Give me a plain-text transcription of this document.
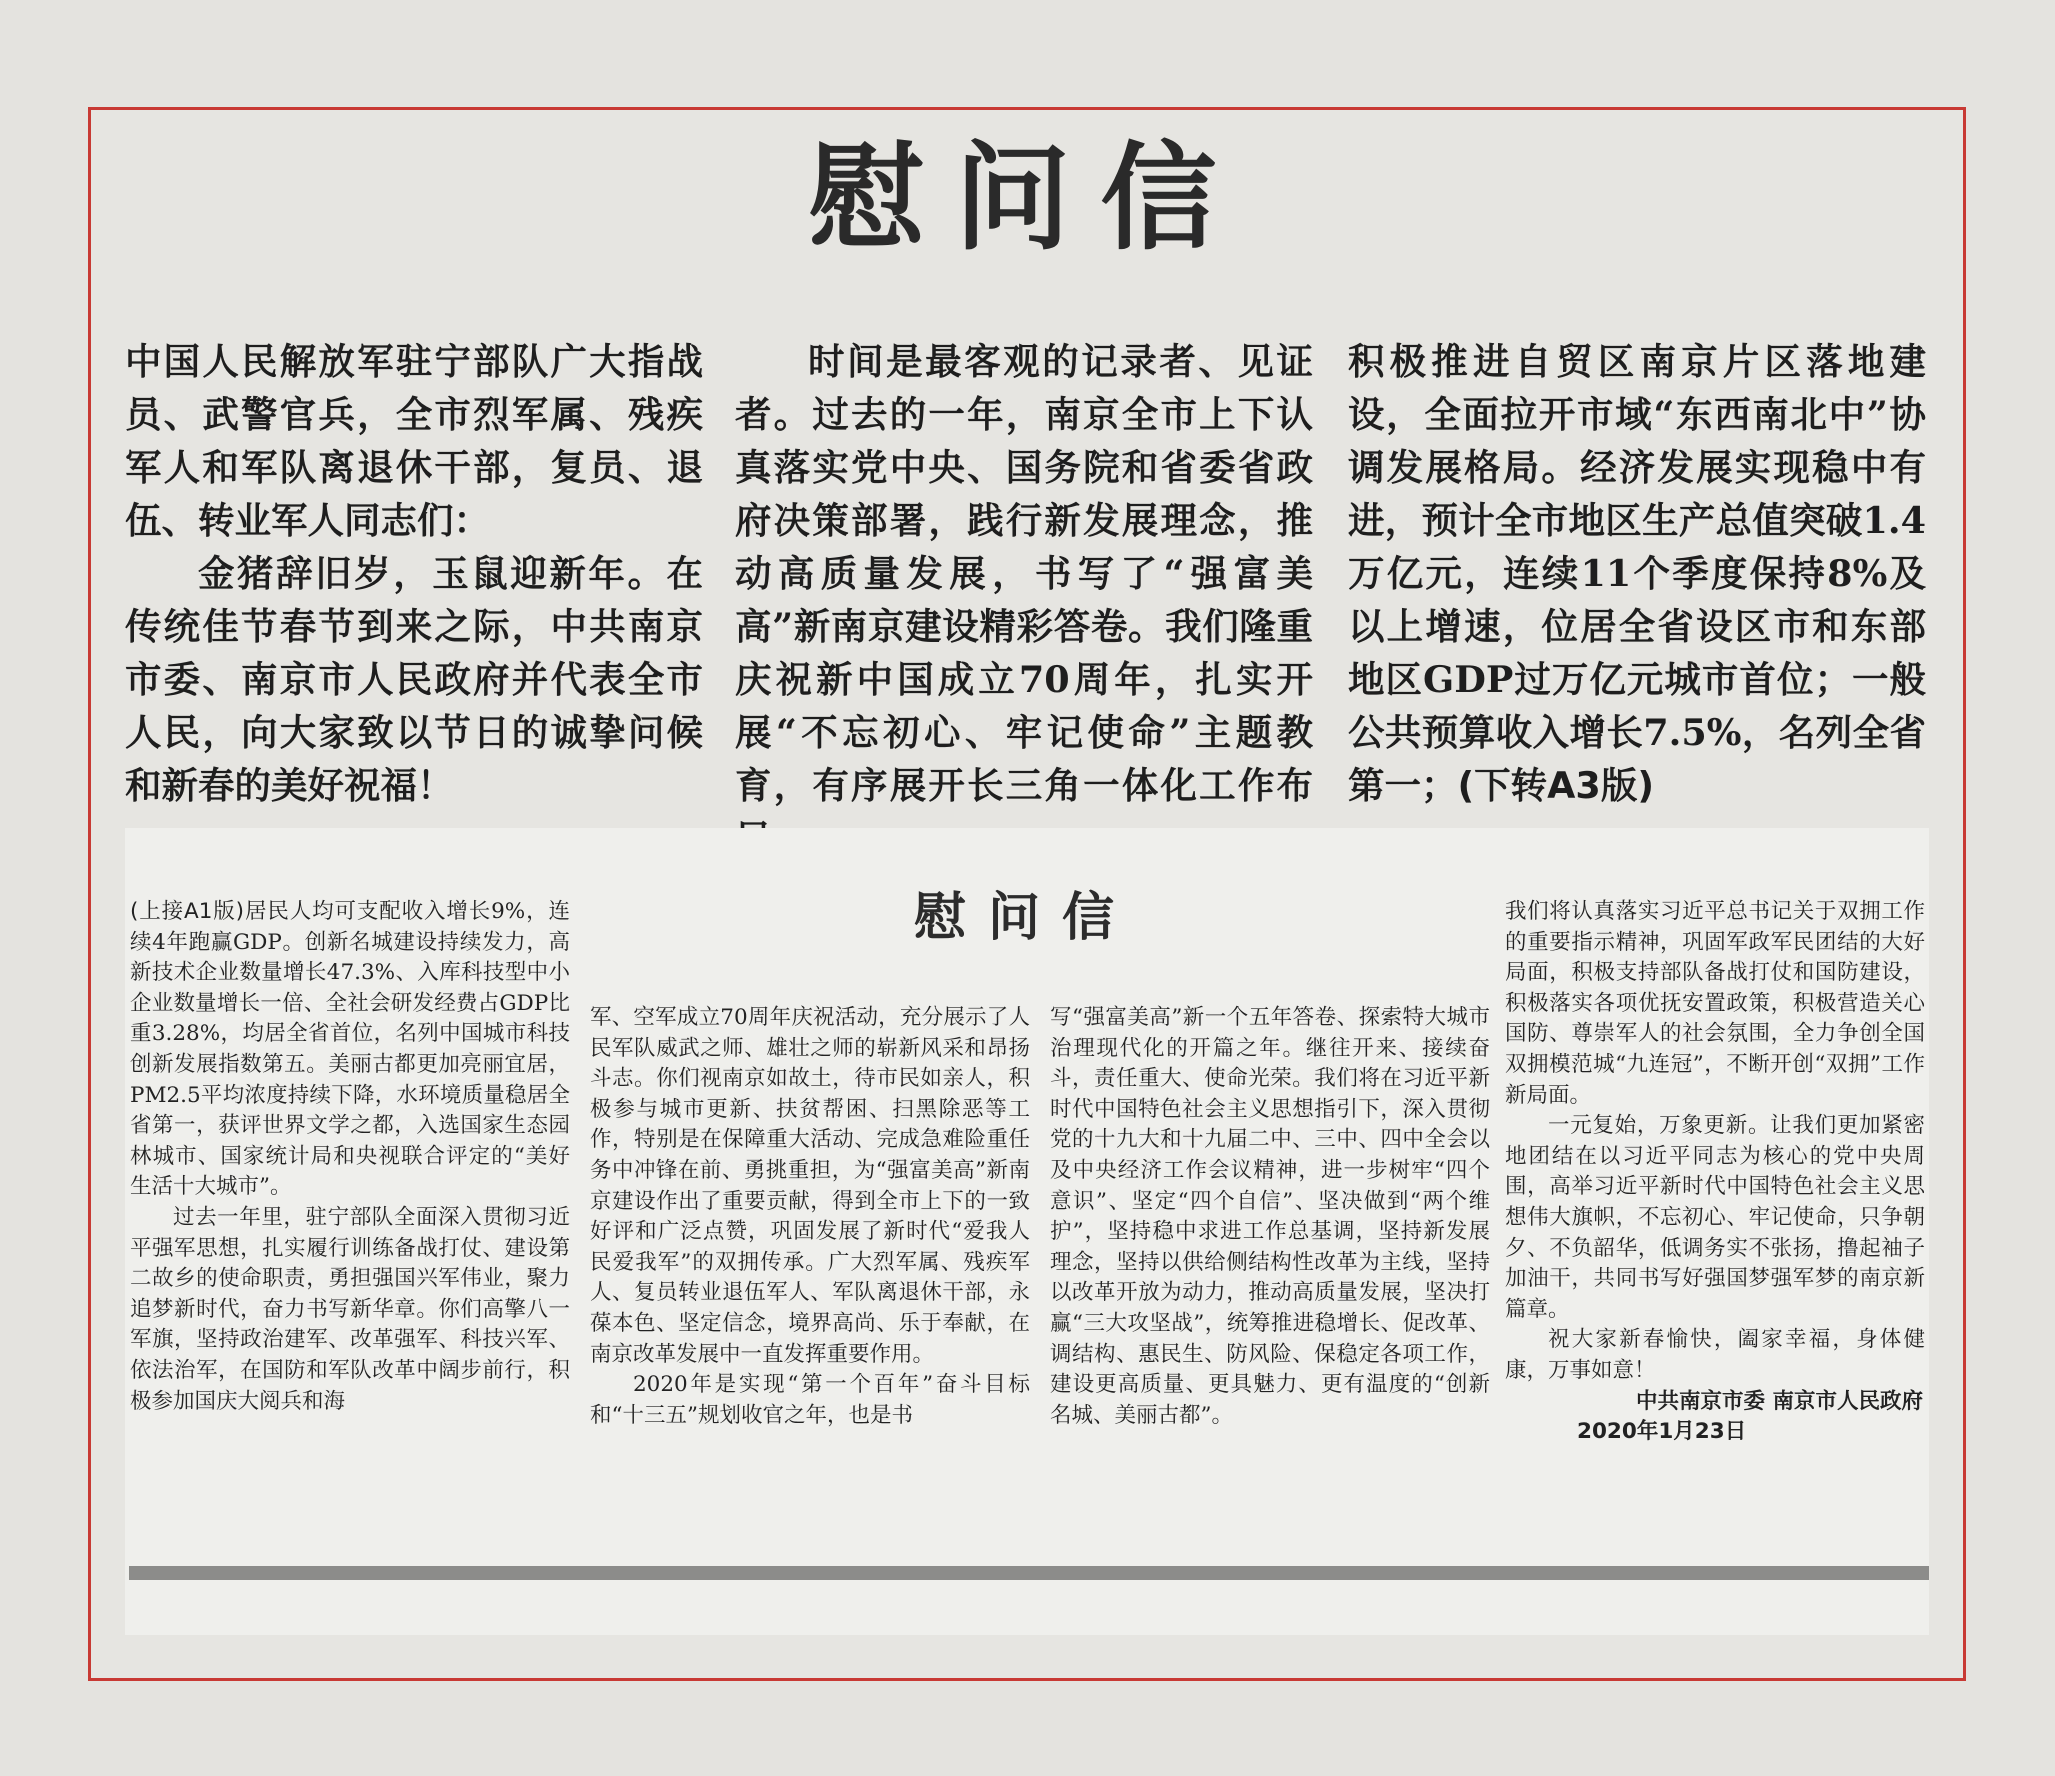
慰问信

中国人民解放军驻宁部队广大指战员、武警官兵，全市烈军属、残疾军人和军队离退休干部，复员、退伍、转业军人同志们：

金猪辞旧岁，玉鼠迎新年。在传统佳节春节到来之际，中共南京市委、南京市人民政府并代表全市人民，向大家致以节日的诚挚问候和新春的美好祝福！

时间是最客观的记录者、见证者。过去的一年，南京全市上下认真落实党中央、国务院和省委省政府决策部署，践行新发展理念，推动高质量发展，书写了“强富美高”新南京建设精彩答卷。我们隆重庆祝新中国成立70周年，扎实开展“不忘初心、牢记使命”主题教育，有序展开长三角一体化工作布

积极推进自贸区南京片区落地建设，全面拉开市域“东西南北中”协调发展格局。经济发展实现稳中有进，预计全市地区生产总值突破1.4万亿元，连续11个季度保持8%及以上增速，位居全省设区市和东部地区GDP过万亿元城市首位；一般公共预算收入增长7.5%，名列全省第一；(下转A3版)

慰问信

(上接A1版)居民人均可支配收入增长9%，连续4年跑赢GDP。创新名城建设持续发力，高新技术企业数量增长47.3%、入库科技型中小企业数量增长一倍、全社会研发经费占GDP比重3.28%，均居全省首位，名列中国城市科技创新发展指数第五。美丽古都更加亮丽宜居，PM2.5平均浓度持续下降，水环境质量稳居全省第一，获评世界文学之都，入选国家生态园林城市、国家统计局和央视联合评定的“美好生活十大城市”。

过去一年里，驻宁部队全面深入贯彻习近平强军思想，扎实履行训练备战打仗、建设第二故乡的使命职责，勇担强国兴军伟业，聚力追梦新时代，奋力书写新华章。你们高擎八一军旗，坚持政治建军、改革强军、科技兴军、依法治军，在国防和军队改革中阔步前行，积极参加国庆大阅兵和海

军、空军成立70周年庆祝活动，充分展示了人民军队威武之师、雄壮之师的崭新风采和昂扬斗志。你们视南京如故土，待市民如亲人，积极参与城市更新、扶贫帮困、扫黑除恶等工作，特别是在保障重大活动、完成急难险重任务中冲锋在前、勇挑重担，为“强富美高”新南京建设作出了重要贡献，得到全市上下的一致好评和广泛点赞，巩固发展了新时代“爱我人民爱我军”的双拥传承。广大烈军属、残疾军人、复员转业退伍军人、军队离退休干部，永葆本色、坚定信念，境界高尚、乐于奉献，在南京改革发展中一直发挥重要作用。

2020年是实现“第一个百年”奋斗目标和“十三五”规划收官之年，也是书

写“强富美高”新一个五年答卷、探索特大城市治理现代化的开篇之年。继往开来、接续奋斗，责任重大、使命光荣。我们将在习近平新时代中国特色社会主义思想指引下，深入贯彻党的十九大和十九届二中、三中、四中全会以及中央经济工作会议精神，进一步树牢“四个意识”、坚定“四个自信”、坚决做到“两个维护”，坚持稳中求进工作总基调，坚持新发展理念，坚持以供给侧结构性改革为主线，坚持以改革开放为动力，推动高质量发展，坚决打赢“三大攻坚战”，统筹推进稳增长、促改革、调结构、惠民生、防风险、保稳定各项工作，建设更高质量、更具魅力、更有温度的“创新名城、美丽古都”。

我们将认真落实习近平总书记关于双拥工作的重要指示精神，巩固军政军民团结的大好局面，积极支持部队备战打仗和国防建设，积极落实各项优抚安置政策，积极营造关心国防、尊崇军人的社会氛围，全力争创全国双拥模范城“九连冠”，不断开创“双拥”工作新局面。

一元复始，万象更新。让我们更加紧密地团结在以习近平同志为核心的党中央周围，高举习近平新时代中国特色社会主义思想伟大旗帜，不忘初心、牢记使命，只争朝夕、不负韶华，低调务实不张扬，撸起袖子加油干，共同书写好强国梦强军梦的南京新篇章。

祝大家新春愉快，阖家幸福，身体健康，万事如意！

中共南京市委 南京市人民政府
2020年1月23日
